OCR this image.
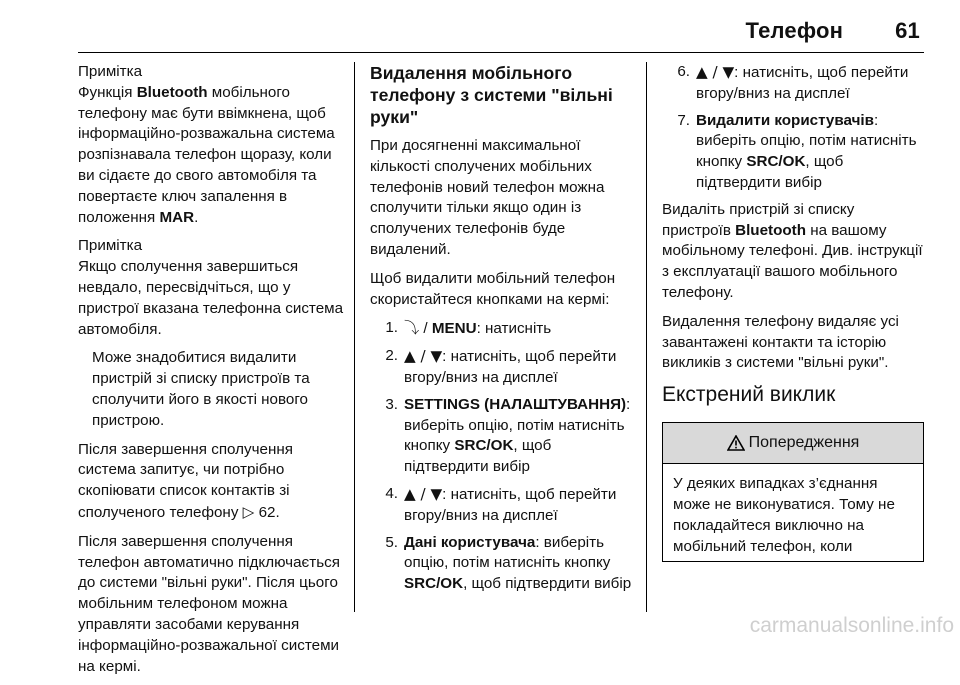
Телефон 61

Примітка

Функція Bluetooth мобільного телефону має бути ввімкнена, щоб інформаційно-розважальна система розпізнавала телефон щоразу, коли ви сідаєте до свого автомобіля та повертаєте ключ запалення в положення MAR.

Примітка

Якщо сполучення завершиться невдало, пересвідчіться, що у пристрої вказана телефонна система автомобіля.

Може знадобитися видалити пристрій зі списку пристроїв та сполучити його в якості нового пристрою.

Після завершення сполучення система запитує, чи потрібно скопіювати список контактів зі сполученого телефону ▷ 62.

Після завершення сполучення телефон автоматично підключається до системи "вільні руки". Після цього мобільним телефоном можна управляти засобами керування інформаційно-розважальної системи на кермі.

Видалення мобільного телефону з системи "вільні руки"

При досягненні максимальної кількості сполучених мобільних телефонів новий телефон можна сполучити тільки якщо один із сполучених телефонів буде видалений.

Щоб видалити мобільний телефон скористайтеся кнопками на кермі:

1. ⤵ / MENU: натисніть
2. ▲ / ▼: натисніть, щоб перейти вгору/вниз на дисплеї
3. SETTINGS (НАЛАШТУВАННЯ): виберіть опцію, потім натисніть кнопку SRC/OK, щоб підтвердити вибір
4. ▲ / ▼: натисніть, щоб перейти вгору/вниз на дисплеї
5. Дані користувача: виберіть опцію, потім натисніть кнопку SRC/OK, щоб підтвердити вибір
6. ▲ / ▼: натисніть, щоб перейти вгору/вниз на дисплеї
7. Видалити користувачів: виберіть опцію, потім натисніть кнопку SRC/OK, щоб підтвердити вибір

Видаліть пристрій зі списку пристроїв Bluetooth на вашому мобільному телефоні. Див. інструкції з експлуатації вашого мобільного телефону.

Видалення телефону видаляє усі завантажені контакти та історію викликів з системи "вільні руки".

Екстрений виклик

Попередження
У деяких випадках з’єднання може не виконуватися. Тому не покладайтеся виключно на мобільний телефон, коли
carmanualsonline.info
